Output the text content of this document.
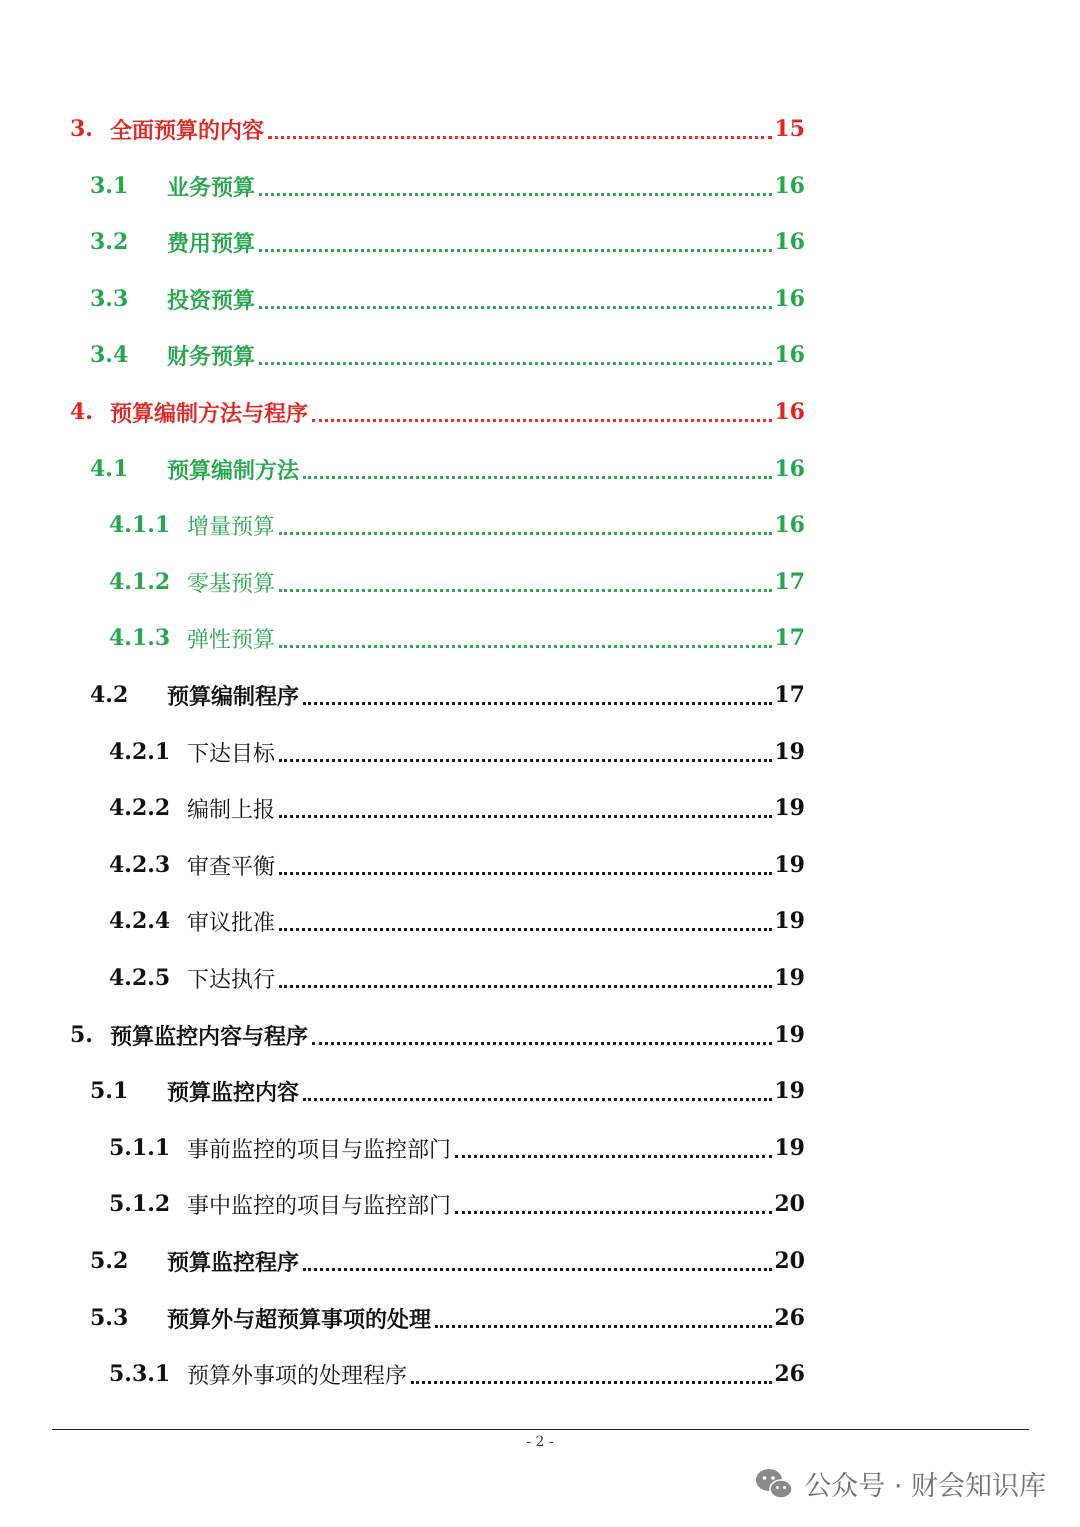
3. 全面预算的内容	15
3.1	业务预算	16
3.2	费用预算	16
3.3	投资预算	16
3.4	财务预算	16
4. 预算编制方法与程序	16
4.1	预算编制方法	16
4.1.1 增量预算	16
4.1.2 零基预算	17
4.1.3 弹性预算	17
4.2	预算编制程序	17
4.2.1 下达目标	19
4.2.2 编制上报	19
4.2.3 审查平衡	19
4.2.4 审议批准	19
4.2.5 下达执行	19
5. 预算监控内容与程序	19
5.1	预算监控内容	19
5.1.1 事前监控的项目与监控部门	19
5.1.2 事中监控的项目与监控部门	20
5.2	预算监控程序	20
5.3	预算外与超预算事项的处理	26
5.3.1 预算外事项的处理程序	26
- 2 -
公众号 · 财会知识库
